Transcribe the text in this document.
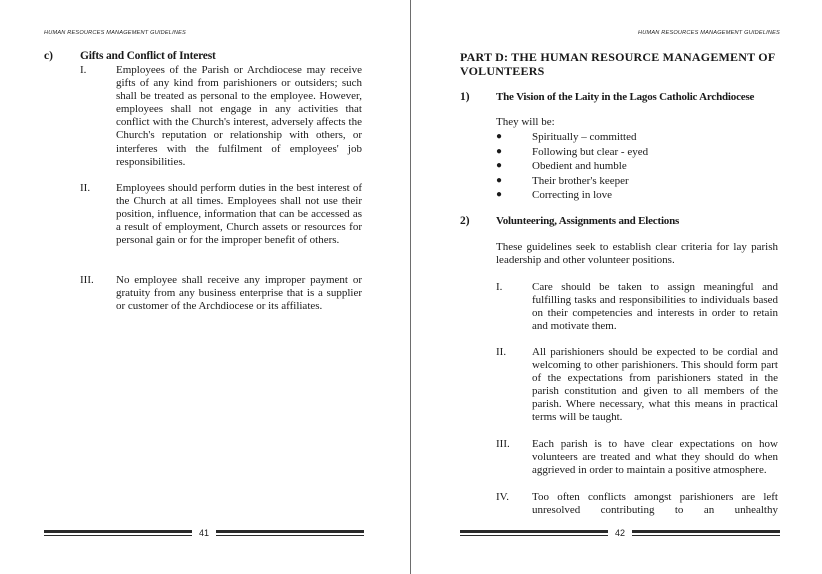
HUMAN RESOURCES MANAGEMENT GUIDELINES
c) Gifts and Conflict of Interest
I.	Employees of the Parish or Archdiocese may receive gifts of any kind from parishioners or outsiders; such shall be treated as personal to the employee. However, employees shall not engage in any activities that conflict with the Church's interest, adversely affects the Church's reputation or relationship with others, or interferes with the fulfilment of employees' job responsibilities.

II. Employees should perform duties in the best interest of the Church at all times. Employees shall not use their position, influence, information that can be accessed as a result of employment, Church assets or resources for personal gain or for the improper benefit of others.

III. No employee shall receive any improper payment or gratuity from any business enterprise that is a supplier or customer of the Archdiocese or its affiliates.

41
HUMAN RESOURCES MANAGEMENT GUIDELINES
PART D: THE HUMAN RESOURCE MANAGEMENT OF VOLUNTEERS
1) The Vision of the Laity in the Lagos Catholic Archdiocese
They will be:
●	Spiritually – committed
●	Following but clear - eyed
●	Obedient and humble
●	Their brother's keeper
●	Correcting in love
2) Volunteering, Assignments and Elections

These guidelines seek to establish clear criteria for lay parish leadership and other volunteer positions.

I.	Care should be taken to assign meaningful and fulfilling tasks and responsibilities to individuals based on their competencies and interests in order to retain and motivate them.

II. All parishioners should be expected to be cordial and welcoming to other parishioners. This should form part of the expectations from parishioners stated in the parish constitution and given to all members of the parish. Where necessary, what this means in practical terms will be taught.

III. Each parish is to have clear expectations on how volunteers are treated and what they should do when aggrieved in order to maintain a positive atmosphere.

IV. Too often conflicts amongst parishioners are left unresolved contributing to an unhealthy

42
